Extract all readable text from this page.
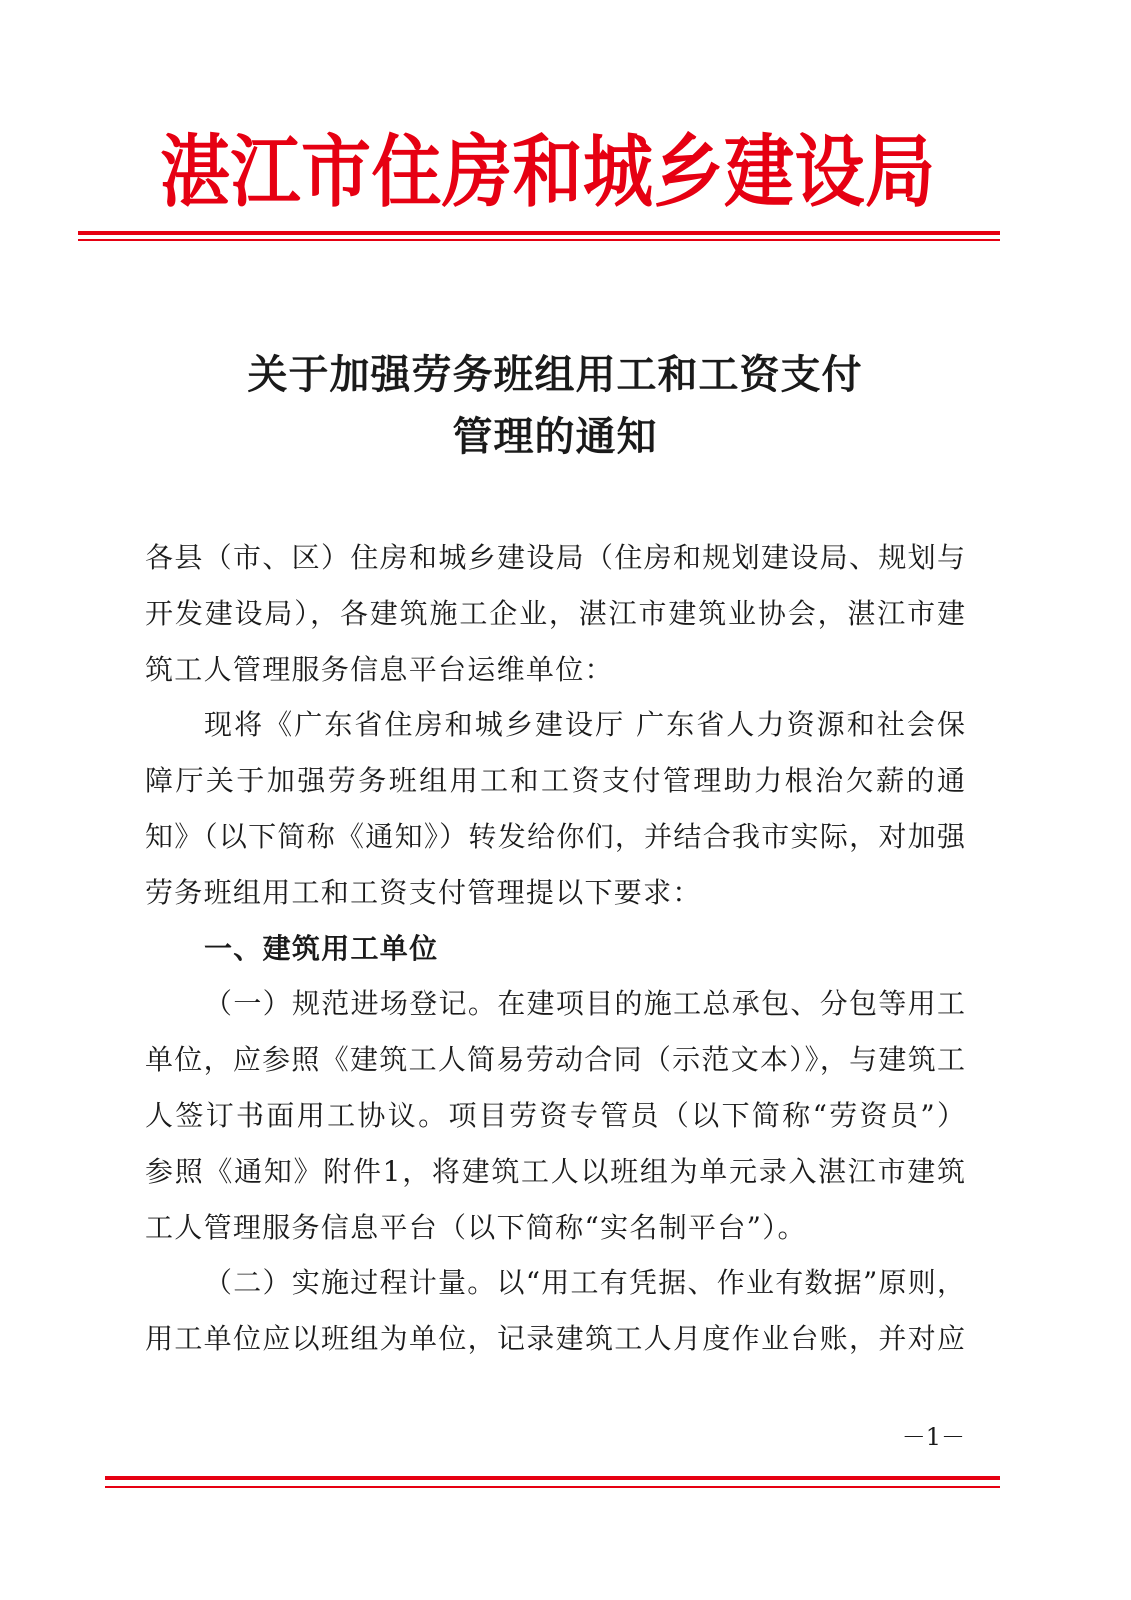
湛江市住房和城乡建设局
关于加强劳务班组用工和工资支付
管理的通知
各县（市、区）住房和城乡建设局（住房和规划建设局、规划与
开发建设局），各建筑施工企业，湛江市建筑业协会，湛江市建
筑工人管理服务信息平台运维单位：
现将《广东省住房和城乡建设厅 广东省人力资源和社会保
障厅关于加强劳务班组用工和工资支付管理助力根治欠薪的通
知》（以下简称《通知》）转发给你们，并结合我市实际，对加强
劳务班组用工和工资支付管理提以下要求：
一、建筑用工单位
（一）规范进场登记。在建项目的施工总承包、分包等用工
单位，应参照《建筑工人简易劳动合同（示范文本）》，与建筑工
人签订书面用工协议。项目劳资专管员（以下简称“劳资员”）
参照《通知》附件1，将建筑工人以班组为单元录入湛江市建筑
工人管理服务信息平台（以下简称“实名制平台”）。
（二）实施过程计量。以“用工有凭据、作业有数据”原则，
用工单位应以班组为单位，记录建筑工人月度作业台账，并对应
－1－
